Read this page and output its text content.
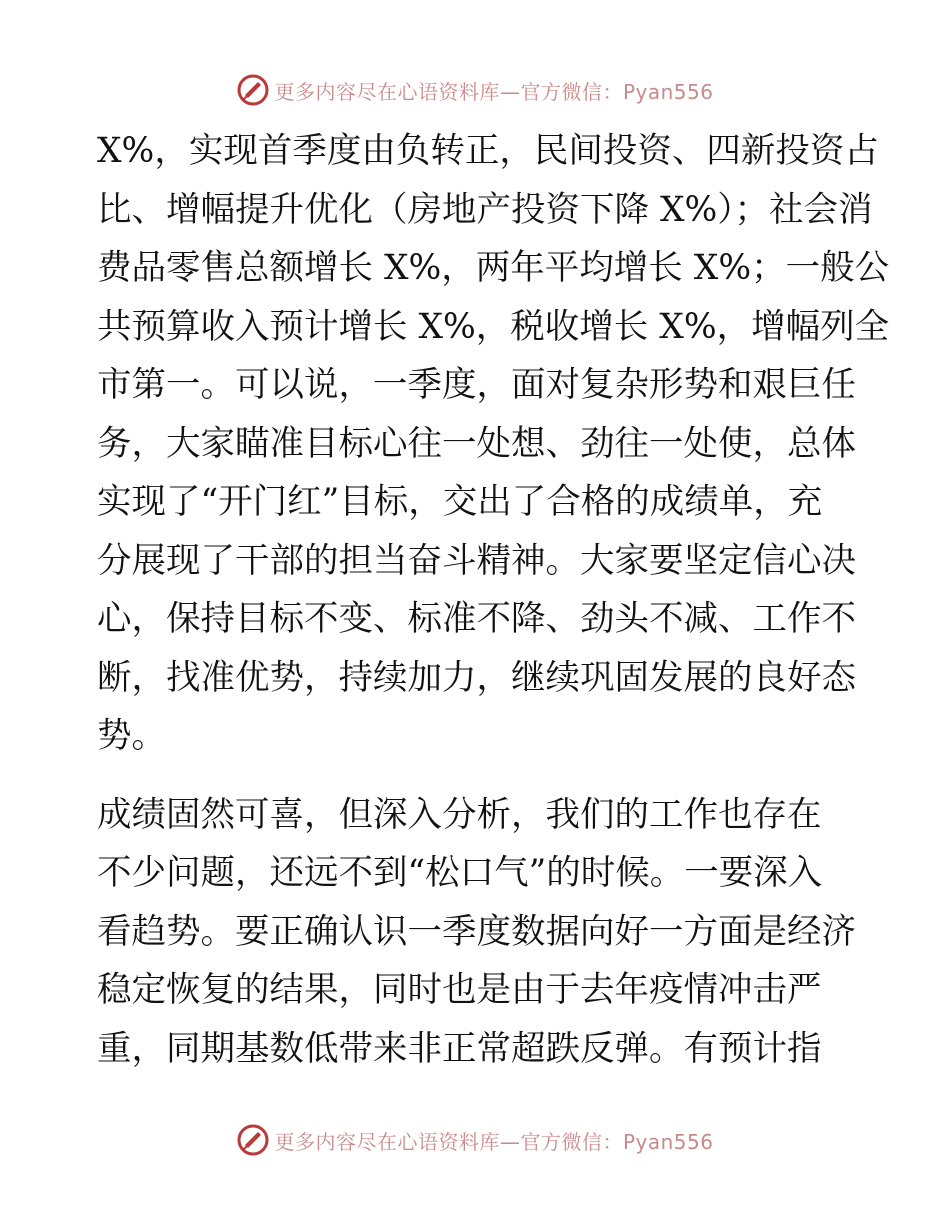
更多内容尽在心语资料库—官方微信：Pyan556

X%，实现首季度由负转正，民间投资、四新投资占
比、增幅提升优化（房地产投资下降 X%）；社会消
费品零售总额增长 X%，两年平均增长 X%；一般公
共预算收入预计增长 X%，税收增长 X%，增幅列全
市第一。可以说，一季度，面对复杂形势和艰巨任
务，大家瞄准目标心往一处想、劲往一处使，总体
实现了“开门红”目标，交出了合格的成绩单，充
分展现了干部的担当奋斗精神。大家要坚定信心决
心，保持目标不变、标准不降、劲头不减、工作不
断，找准优势，持续加力，继续巩固发展的良好态
势。

成绩固然可喜，但深入分析，我们的工作也存在
不少问题，还远不到“松口气”的时候。一要深入
看趋势。要正确认识一季度数据向好一方面是经济
稳定恢复的结果，同时也是由于去年疫情冲击严
重，同期基数低带来非正常超跌反弹。有预计指

更多内容尽在心语资料库—官方微信：Pyan556
